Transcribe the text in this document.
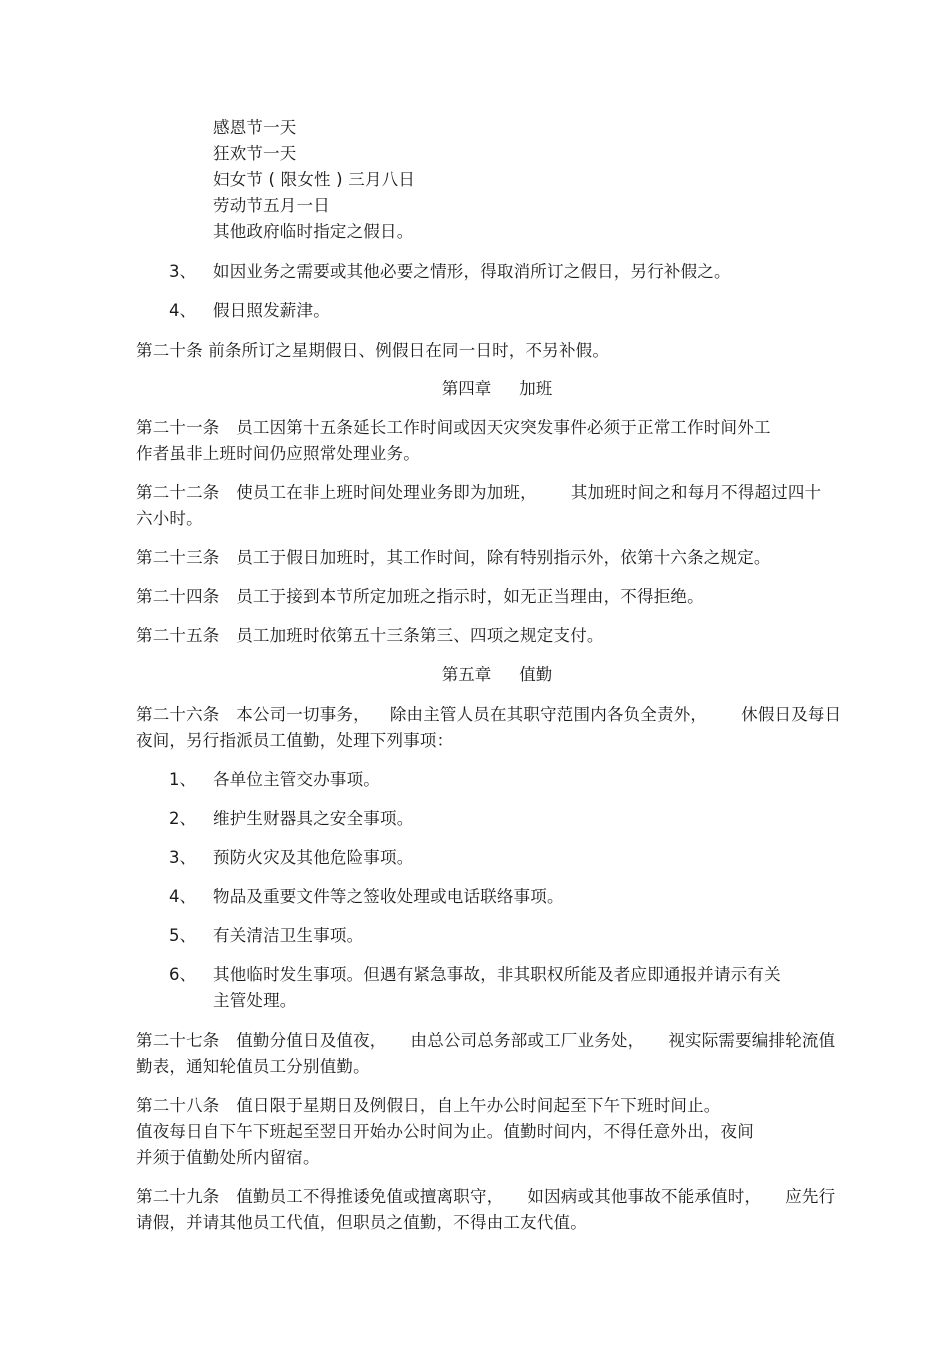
感恩节一天
狂欢节一天
妇女节 ( 限女性 ) 三月八日
劳动节五月一日
其他政府临时指定之假日。
3、 如因业务之需要或其他必要之情形，得取消所订之假日，另行补假之。
4、 假日照发薪津。
第二十条 前条所订之星期假日、例假日在同一日时，不另补假。
第四章 加班
第二十一条　员工因第十五条延长工作时间或因天灾突发事件必须于正常工作时间外工
作者虽非上班时间仍应照常处理业务。
第二十二条　使员工在非上班时间处理业务即为加班， 其加班时间之和每月不得超过四十
六小时。
第二十三条　员工于假日加班时，其工作时间，除有特别指示外，依第十六条之规定。
第二十四条　员工于接到本节所定加班之指示时，如无正当理由，不得拒绝。
第二十五条　员工加班时依第五十三条第三、四项之规定支付。
第五章 值勤
第二十六条　本公司一切事务， 除由主管人员在其职守范围内各负全责外， 休假日及每日
夜间，另行指派员工值勤，处理下列事项：
1、 各单位主管交办事项。
2、 维护生财器具之安全事项。
3、 预防火灾及其他危险事项。
4、 物品及重要文件等之签收处理或电话联络事项。
5、 有关清洁卫生事项。
6、 其他临时发生事项。但遇有紧急事故，非其职权所能及者应即通报并请示有关
主管处理。
第二十七条　值勤分值日及值夜， 由总公司总务部或工厂业务处， 视实际需要编排轮流值
勤表，通知轮值员工分别值勤。
第二十八条　值日限于星期日及例假日，自上午办公时间起至下午下班时间止。
值夜每日自下午下班起至翌日开始办公时间为止。值勤时间内，不得任意外出，夜间
并须于值勤处所内留宿。
第二十九条　值勤员工不得推诿免值或擅离职守， 如因病或其他事故不能承值时， 应先行
请假，并请其他员工代值，但职员之值勤，不得由工友代值。
